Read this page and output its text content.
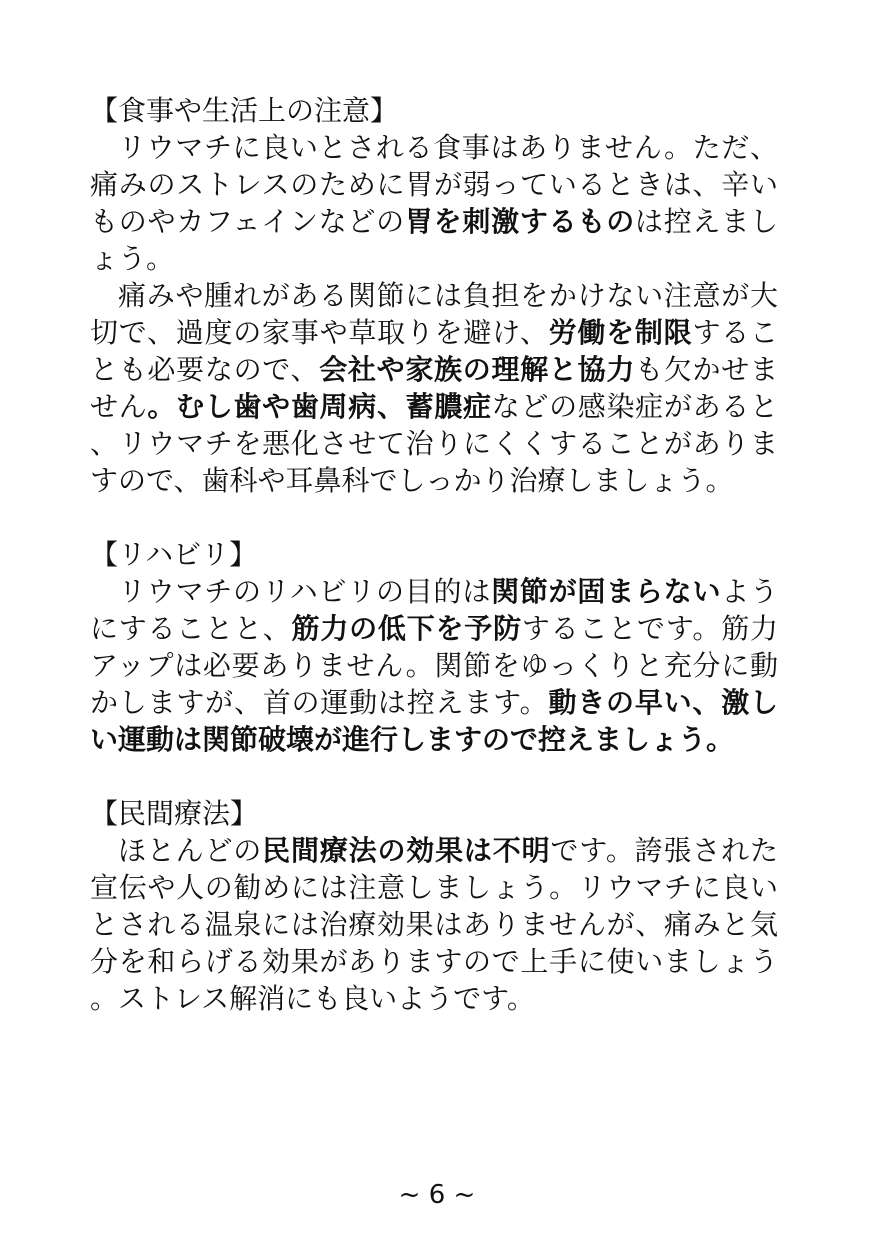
【食事や生活上の注意】

リウマチに良いとされる食事はありません。ただ、痛みのストレスのために胃が弱っているときは、辛いものやカフェインなどの胃を刺激するものは控えましょう。

痛みや腫れがある関節には負担をかけない注意が大切で、過度の家事や草取りを避け、労働を制限することも必要なので、会社や家族の理解と協力も欠かせません。むし歯や歯周病、蓄膿症などの感染症があると、リウマチを悪化させて治りにくくすることがありますので、歯科や耳鼻科でしっかり治療しましょう。

【リハビリ】

リウマチのリハビリの目的は関節が固まらないようにすることと、筋力の低下を予防することです。筋力アップは必要ありません。関節をゆっくりと充分に動かしますが、首の運動は控えます。動きの早い、激しい運動は関節破壊が進行しますので控えましょう。

【民間療法】

ほとんどの民間療法の効果は不明です。誇張された宣伝や人の勧めには注意しましょう。リウマチに良いとされる温泉には治療効果はありませんが、痛みと気分を和らげる効果がありますので上手に使いましょう。ストレス解消にも良いようです。

~ 6 ~
